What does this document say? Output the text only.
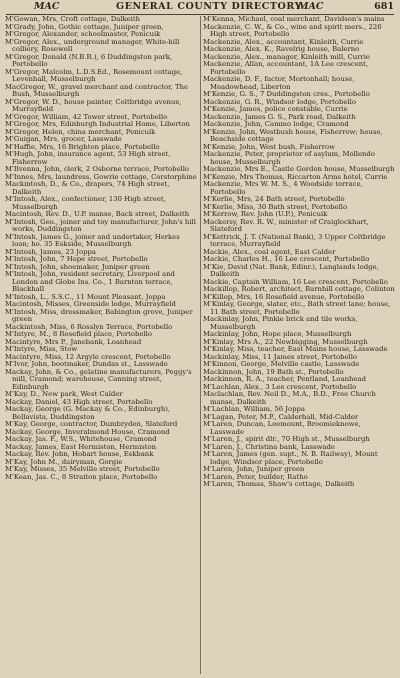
MAC	GENERAL COUNTY DIRECTORY.
MAC	681
M'Gowan, Mrs, Croft cottage, Dalkeith
M'Grady, John, Gothic cottage, Juniper green,
M'Gregor, Alexander, schoolmaster, Penicuik
M'Gregor, Alex., underground manager, White-hill colliery, Rosewell
M'Gregor, Donald (N.B.R.), 6 Duddingston park, Portobello
M'Gregor, Malcolm, L.D.S.Ed., Rosemount cottage, Levenhall, Musselburgh
MacGregor, W., gravel merchant and contractor, The Bush, Musselburgh
M'Gregor, W. D., house painter, Coltbridge avenue, Murrayfield
M'Gregor, William, 42 Tower street, Portobello
M'Gregor, Mrs, Edinburgh Industrial Home, Liberton
M'Gregor, Helen, china merchant, Penicuik
M'Guigan, Mrs, grocer, Lasswade
M'Haffie, Mrs, 16 Brighton place, Portobello
M'Hugh, John, insurance agent, 53 High street, Fisherrow
M'Ilvenna, John, clerk, 2 Osborne terrace, Portobello
M'Innes, Mrs, laundress, Gowrie cottage, Corstorphine
Mackintosh, D., & Co., drapers, 74 High street, Dalkeith
M'Intosh, Alex., confectioner, 130 High street, Musselburgh
Macintosh, Rev. D., U.P. manse, Back street, Dalkeith
M'Intosh, Geo., joiner and toy manufacturer, John's hill works, Duddingston
M'Intosh, James G., joiner and undertaker, Herkes loan; ho. 35 Eskside, Musselburgh
M'Intosh, James, 23 Joppa
M'Intosh, John, 7 Hope street, Portobello
M'Intosh, John, shoemaker, Juniper green
M'Intosh, John, resident secretary, Liverpool and London and Globe Ins. Co., 1 Barnton terrace, Blackhall
M'Intosh, L., S.S.C., 11 Mount Pleasant, Joppa
Macintosh, Misses, Greenside lodge, Murrayfield
M'Intosh, Miss, dressmaker, Babington grove, Juniper green
Mackintosh, Miss, 6 Rosslyn Terrace, Portobello
M'Intyre, M., 8 Rosefield place, Portobello
Macintyre, Mrs P., Janebank, Loanhead
M'Intyre, Miss, Stow
Macintyre, Miss, 12 Argyle crescent, Portobello
M'Ivor, John, bootmaker, Dundas st., Lasswade
Mackay, John, & Co., gelatine manufacturers, Peggy's mill, Cramond; warehouse, Canning street, Edinburgh
M'Kay, D., New park, West Calder
Mackay, Daniel, 43 High street, Portobello
Mackay, George (G. Mackay & Co., Edinburgh), Bellavista, Duddingston
M'Kay, George, contractor, Dumbryden, Slateford
Mackay, George, Inveralmond House, Cramond
Mackay, Jas. F., W.S., Whitehouse, Cramond
Mackay, James, East Hermiston, Hermiston
Mackay, Rev. John, Hobart house, Eskbank
M'Kay, John M., dairyman, Gorgie
M'Kay, Misses, 35 Melville street, Portobello
M'Kean, Jas. C., 8 Straiton place, Portobello
M'Kenna, Michael, coal merchant, Davidson's mains
Mackenzie, C. W., & Co., wine and spirit mers., 226 High street, Portobello
Mackenzie, Alex., accountant, Kinleith, Currie
Mackenzie, Alex. K., Ravelrig house, Balerno
Mackenzie, Alex., manager, Kinleith mill, Currie
Mackenzie, Allan, accountant, 1A Lee crescent, Portobello
Mackenzie, D. F., factor, Mortonhall; house, Meadowhead, Liberton
M'Kenzie, G. S., 7 Duddingston cres., Portobello
Mackenzie, G. R., Windsor lodge, Portobello
M'Kenzie, James, police constable, Currie
Mackenzie, James G. S., Park road, Dalkeith
Mackenzie, John, Cammo lodge, Cramond
M'Kenzie, John, Westbush house, Fisherrow; house, Beachside cottage
M'Kenzie, John, West bush, Fisherrow
Mackenzie, Peter, proprietor of asylum, Mollendo house, Musselburgh
Mackenzie, Mrs E., Castle Gordon house, Musselburgh
M'Kenzie, Mrs Thomas, Riccarton Arms hotel, Currie
Mackenzie, Mrs W. M. S., 4 Woodside terrace, Portobello
M'Kerlie, Mrs, 24 Bath street, Portobello
M'Kerlie, Miss, 30 Bath street, Portobello
M'Kerrow, Rev. John (U.P.), Penicuik
Mackersy, Rev. R. W., minister of Craiglockhart, Slateford
M'Kettrick, J. T. (National Bank), 3 Upper Coltbridge terrace, Murrayfield
Mackie, Alex., coal agent, East Calder
Mackie, Charles H., 16 Lee crescent, Portobello
M'Kie, David (Nat. Bank, Edinr.), Langlands lodge, Dalkeith
Mackie, Captain William, 16 Lee crescent, Portobello
Mackillop, Robert, architect, Barnhill cottage, Colinton
M'Killop, Mrs, 16 Rosefield avenue, Portobello
M'Kinlay, George, slater, etc., Bath street lane; house, 11 Bath street, Portobello
Mackinlay, John, Pinkie brick and tile works, Musselburgh
Mackinlay, John, Hope place, Musselburgh
M'Kinlay, Mrs A., 22 Newbigging, Musselburgh
M'Kinlay, Miss, teacher, East Mains house, Lasswade
Mackinlay, Miss, 11 James street, Portobello
M'Kinnon, George, Melville castle, Lasswade
Mackinnon, John, 19 Bath st., Portobello
Mackinnon, R. A., teacher, Pentland, Loanhead
M'Lachlan, Alex., 3 Lee crescent, Portobello
Maclachlan, Rev. Neil D., M.A., B.D., Free Church manse, Dalkeith
M'Lachlan, William, 56 Joppa
M'Lagan, Peter, M.P., Calderhall, Mid-Calder
M'Laren, Duncan, Leemount, Broomieknowe, Lasswade
M'Laren, J., spirit dlr., 70 High st., Musselburgh
M'Laren, J., Christina bank, Lasswade
M'Laren, James (gen. supt., N. B. Railway), Mount lodge, Windsor place, Portobello
M'Laren, John, Juniper green
M'Laren, Peter, builder, Ratho
M'Laren, Thomas, Shaw's cottage, Dalkeith
